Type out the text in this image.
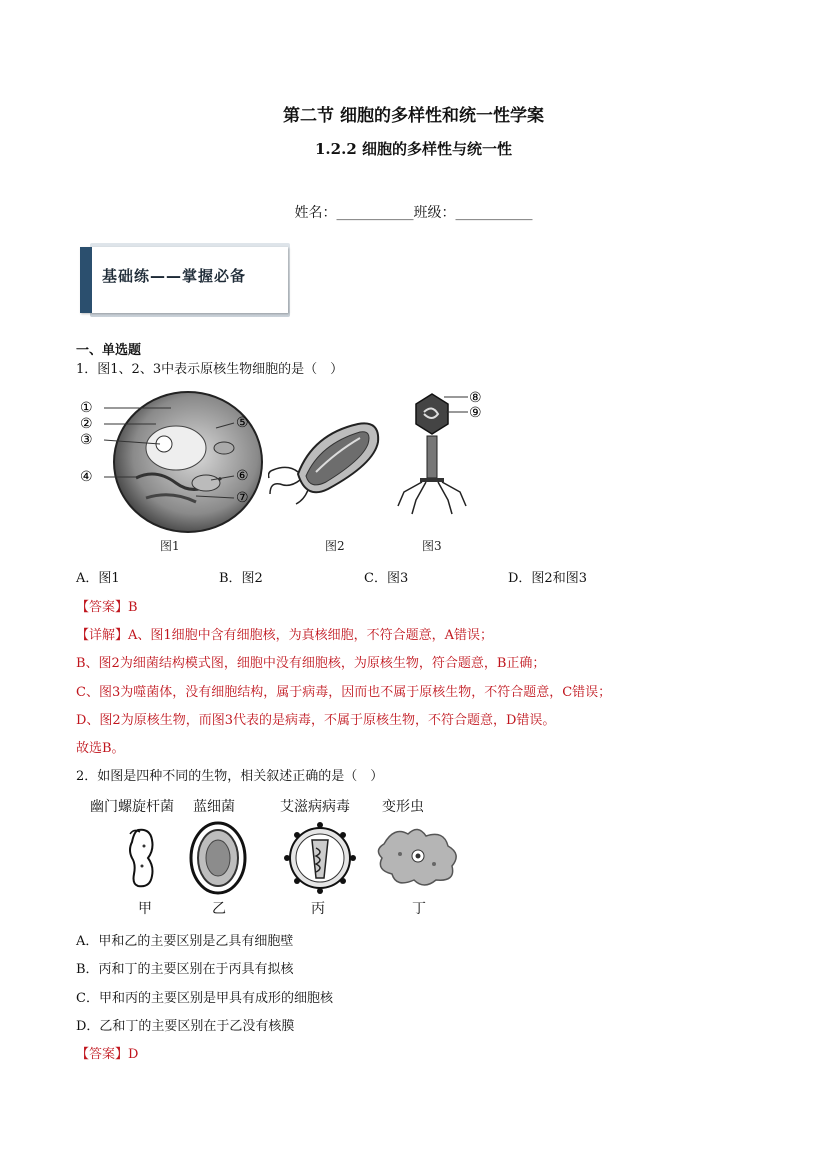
第二节 细胞的多样性和统一性学案
1.2.2 细胞的多样性与统一性
姓名：___________班级：___________
基础练——掌握必备
一、单选题
1．图1、2、3中表示原核生物细胞的是（　）
①
②
③
④
⑤
⑥
⑦
⑧
⑨
图1	图2	图3
A．图1	B．图2	C．图3	D．图2和图3
【答案】B
【详解】A、图1细胞中含有细胞核，为真核细胞，不符合题意，A错误；
B、图2为细菌结构模式图，细胞中没有细胞核，为原核生物，符合题意，B正确；
C、图3为噬菌体，没有细胞结构，属于病毒，因而也不属于原核生物，不符合题意，C错误；
D、图2为原核生物，而图3代表的是病毒，不属于原核生物，不符合题意，D错误。
故选B。
2．如图是四种不同的生物，相关叙述正确的是（　）
幽门螺旋杆菌 蓝细菌	艾滋病病毒 变形虫
甲	乙	丙	丁
A．甲和乙的主要区别是乙具有细胞壁
B．丙和丁的主要区别在于丙具有拟核
C．甲和丙的主要区别是甲具有成形的细胞核
D．乙和丁的主要区别在于乙没有核膜
【答案】D
